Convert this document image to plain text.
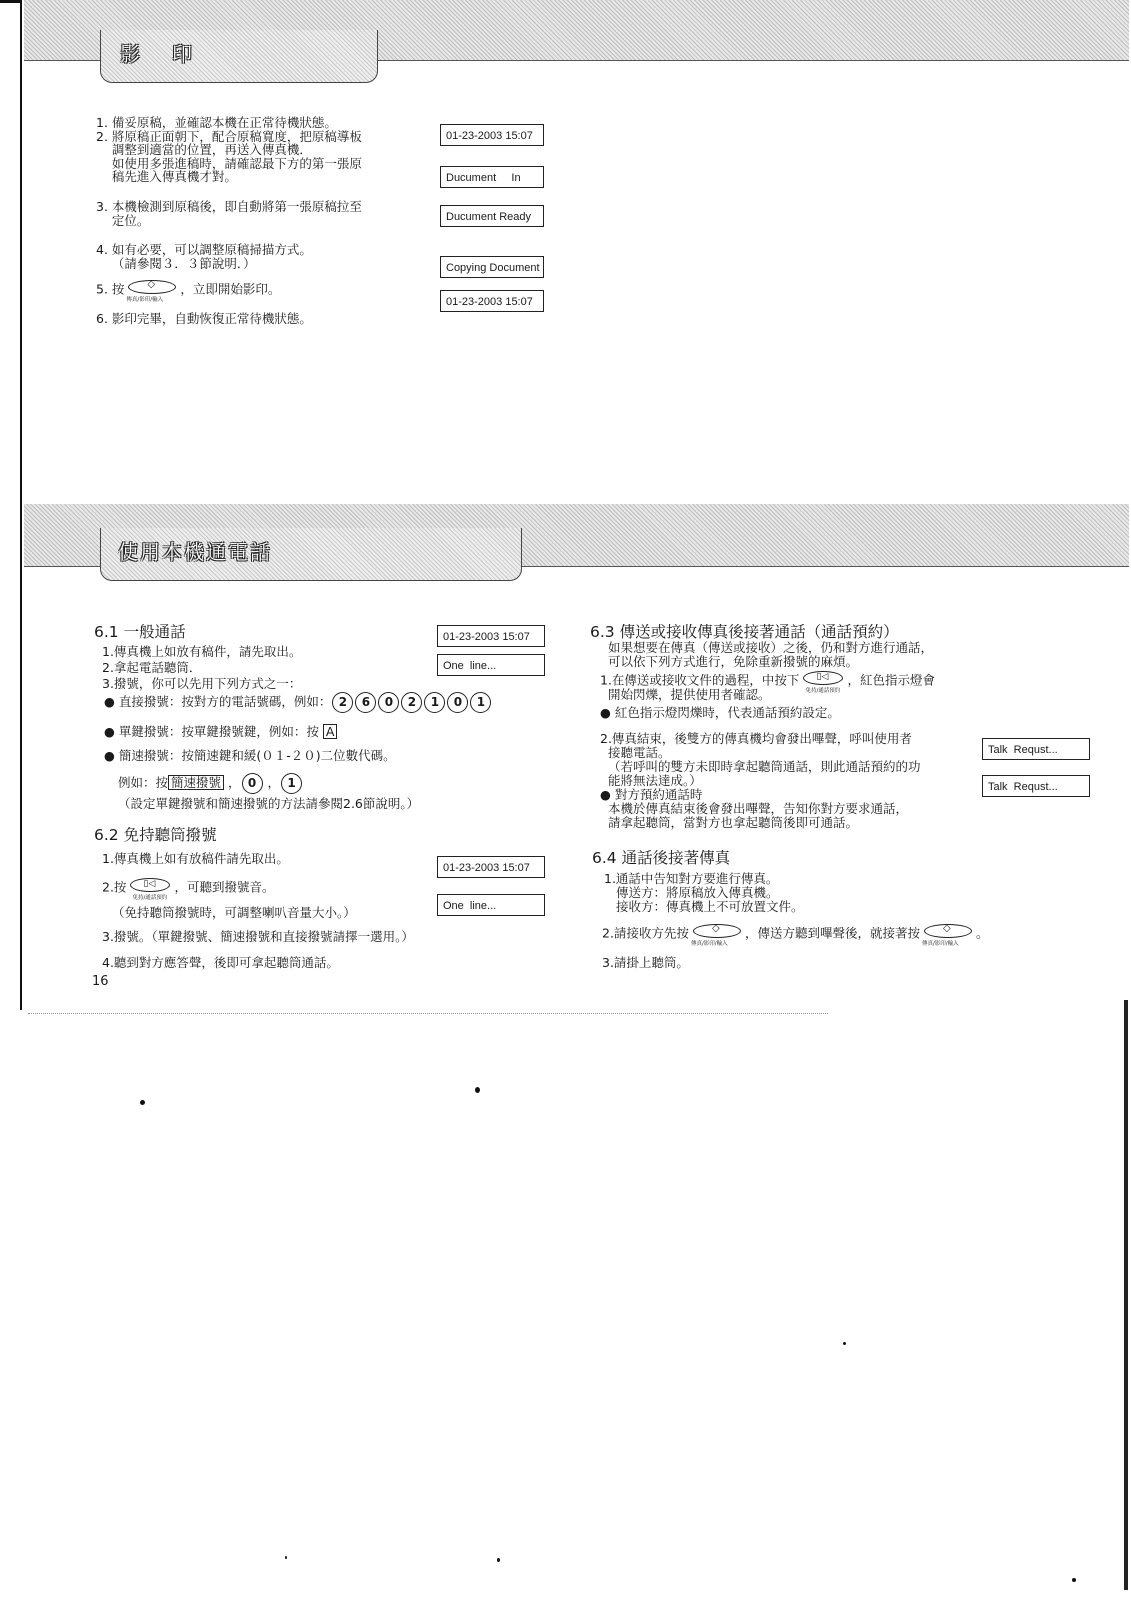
影　印
1. 備妥原稿，並確認本機在正常待機狀態。
2. 將原稿正面朝下，配合原稿寬度，把原稿導板
調整到適當的位置，再送入傳真機．
如使用多張進稿時，請確認最下方的第一張原
稿先進入傳真機才對。
3. 本機檢測到原稿後，即自動將第一張原稿拉至
定位。
4. 如有必要，可以調整原稿掃描方式。
（請參閱３．３節說明．）
5. 按
◇
傳真/影印/輸入
，立即開始影印。
6. 影印完畢，自動恢復正常待機狀態。
01-23-2003 15:07
Ducument     In
Ducument Ready
Copying Document
01-23-2003 15:07
使用本機通電話
6.1 一般通話
1.傳真機上如放有稿件，請先取出。
2.拿起電話聽筒．
3.撥號，你可以先用下列方式之一：
● 直接撥號：按對方的電話號碼，例如： 2 6 0 2 1 0 1
● 單鍵撥號：按單鍵撥號鍵，例如：按 A
● 簡速撥號：按簡速鍵和緩(０１-２０)二位數代碼。
例如：按 簡速撥號 ， 0 ， 1
（設定單鍵撥號和簡速撥號的方法請參閱2.6節說明。）
01-23-2003 15:07
One  line...
6.2 免持聽筒撥號
1.傳真機上如有放稿件請先取出。
2.按
▯◁
免持/通話預約
，可聽到撥號音。
（免持聽筒撥號時，可調整喇叭音量大小。）
3.撥號。（單鍵撥號、簡速撥號和直接撥號請擇一選用。）
4.聽到對方應答聲，後即可拿起聽筒通話。
01-23-2003 15:07
One  line...
6.3 傳送或接收傳真後接著通話（通話預約）
如果想要在傳真（傳送或接收）之後，仍和對方進行通話，
可以依下列方式進行，免除重新撥號的麻煩。
1.在傳送或接收文件的過程，中按下
▯◁
免持/通話預約
，紅色指示燈會
開始閃爍，提供使用者確認。
● 紅色指示燈閃爍時，代表通話預約設定。
2.傳真結束，後雙方的傳真機均會發出嗶聲，呼叫使用者
接聽電話。
（若呼叫的雙方未即時拿起聽筒通話，則此通話預約的功
能將無法達成。）
● 對方預約通話時
本機於傳真結束後會發出嗶聲，告知你對方要求通話，
請拿起聽筒，當對方也拿起聽筒後即可通話。
Talk  Requst...
Talk  Requst...
6.4 通話後接著傳真
1.通話中告知對方要進行傳真。
傳送方：將原稿放入傳真機。
接收方：傳真機上不可放置文件。
2.請接收方先按
◇
傳真/影印/輸入
，傳送方聽到嗶聲後，就接著按
◇
傳真/影印/輸入
。
3.請掛上聽筒。
16
